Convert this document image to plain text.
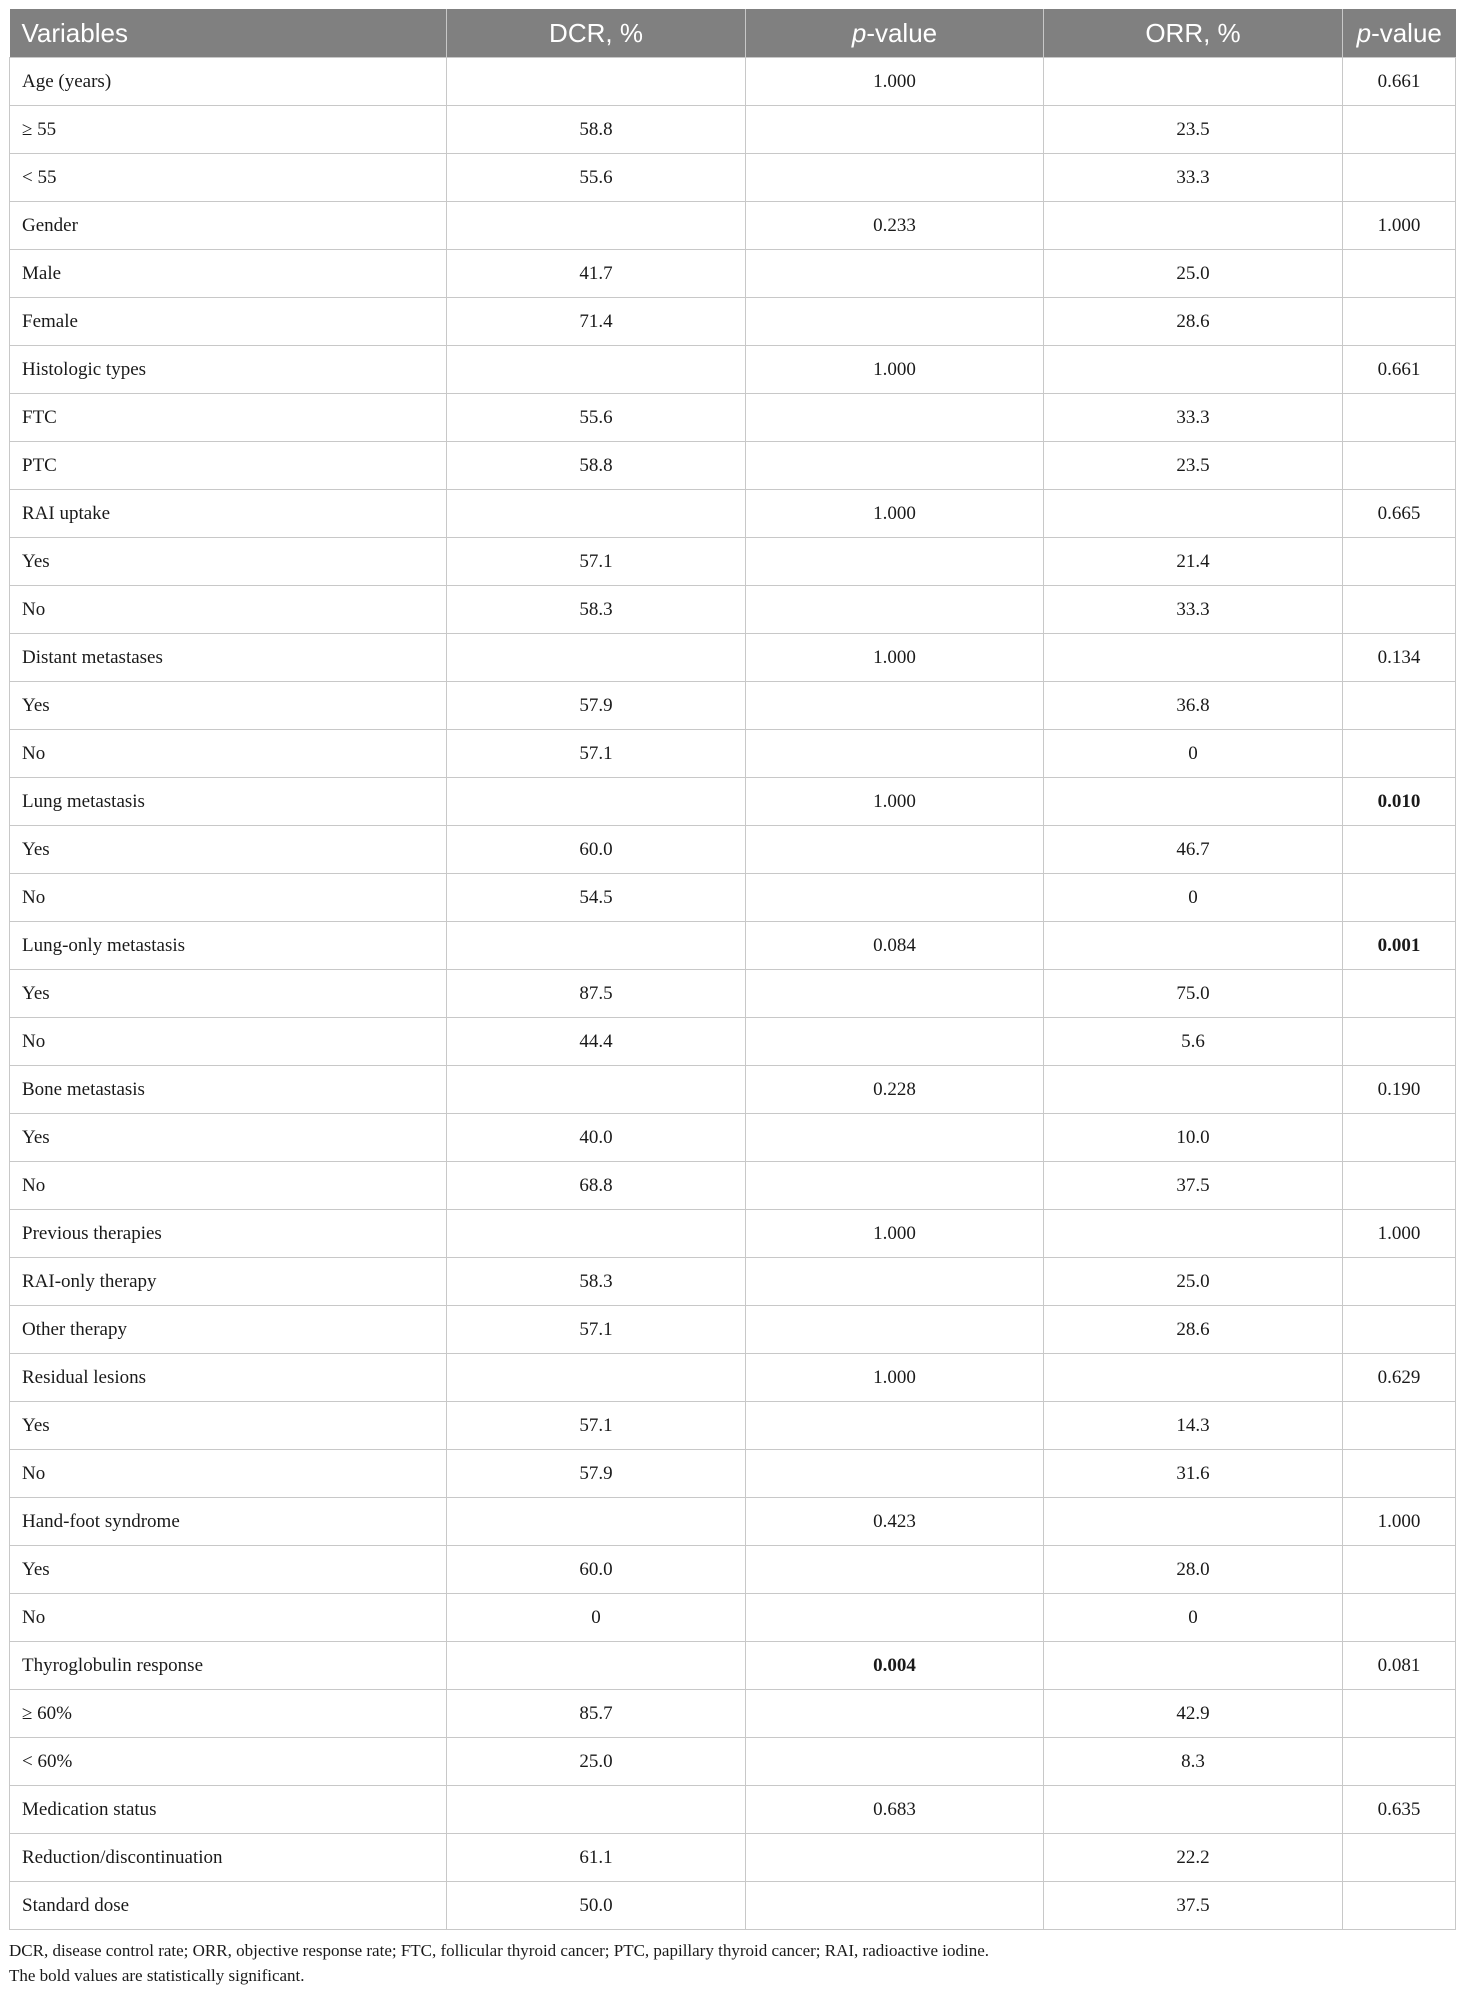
Variables	DCR, %	p-value	ORR, %	p-value
Age (years)		1.000		0.661
≥ 55	58.8		23.5	
< 55	55.6		33.3	
Gender		0.233		1.000
Male	41.7		25.0	
Female	71.4		28.6	
Histologic types		1.000		0.661
FTC	55.6		33.3	
PTC	58.8		23.5	
RAI uptake		1.000		0.665
Yes	57.1		21.4	
No	58.3		33.3	
Distant metastases		1.000		0.134
Yes	57.9		36.8	
No	57.1		0	
Lung metastasis		1.000		0.010
Yes	60.0		46.7	
No	54.5		0	
Lung-only metastasis		0.084		0.001
Yes	87.5		75.0	
No	44.4		5.6	
Bone metastasis		0.228		0.190
Yes	40.0		10.0	
No	68.8		37.5	
Previous therapies		1.000		1.000
RAI-only therapy	58.3		25.0	
Other therapy	57.1		28.6	
Residual lesions		1.000		0.629
Yes	57.1		14.3	
No	57.9		31.6	
Hand-foot syndrome		0.423		1.000
Yes	60.0		28.0	
No	0		0	
Thyroglobulin response		0.004		0.081
≥ 60%	85.7		42.9	
< 60%	25.0		8.3	
Medication status		0.683		0.635
Reduction/discontinuation	61.1		22.2	
Standard dose	50.0		37.5	

DCR, disease control rate; ORR, objective response rate; FTC, follicular thyroid cancer; PTC, papillary thyroid cancer; RAI, radioactive iodine.

The bold values are statistically significant.
